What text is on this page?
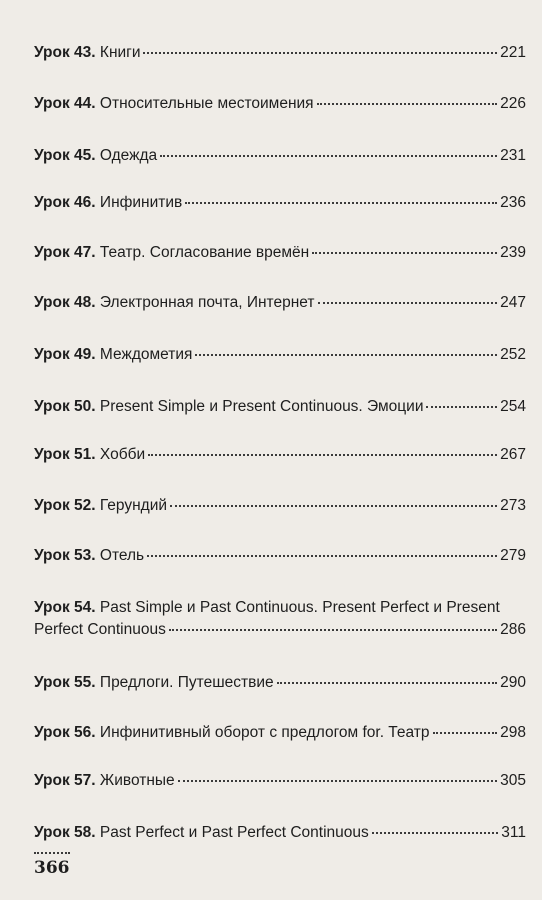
Урок 43.
Книги	221
Урок 44.
Относительные местоимения	226
Урок 45.
Одежда	231
Урок 46.
Инфинитив	236
Урок 47.
Театр. Согласование времён	239
Урок 48.
Электронная почта, Интернет	247
Урок 49.
Междометия	252
Урок 50.
Present Simple и Present Continuous. Эмоции	254
Урок 51.
Хобби	267
Урок 52.
Герундий	273
Урок 53.
Отель	279
Урок 54.
Past Simple и Past Continuous. Present Perfect и Present
Perfect Continuous	286
Урок 55.
Предлоги. Путешествие	290
Урок 56.
Инфинитивный оборот с предлогом for. Театр	298
Урок 57.
Животные	305
Урок 58.
Past Perfect и Past Perfect Continuous	311
366
